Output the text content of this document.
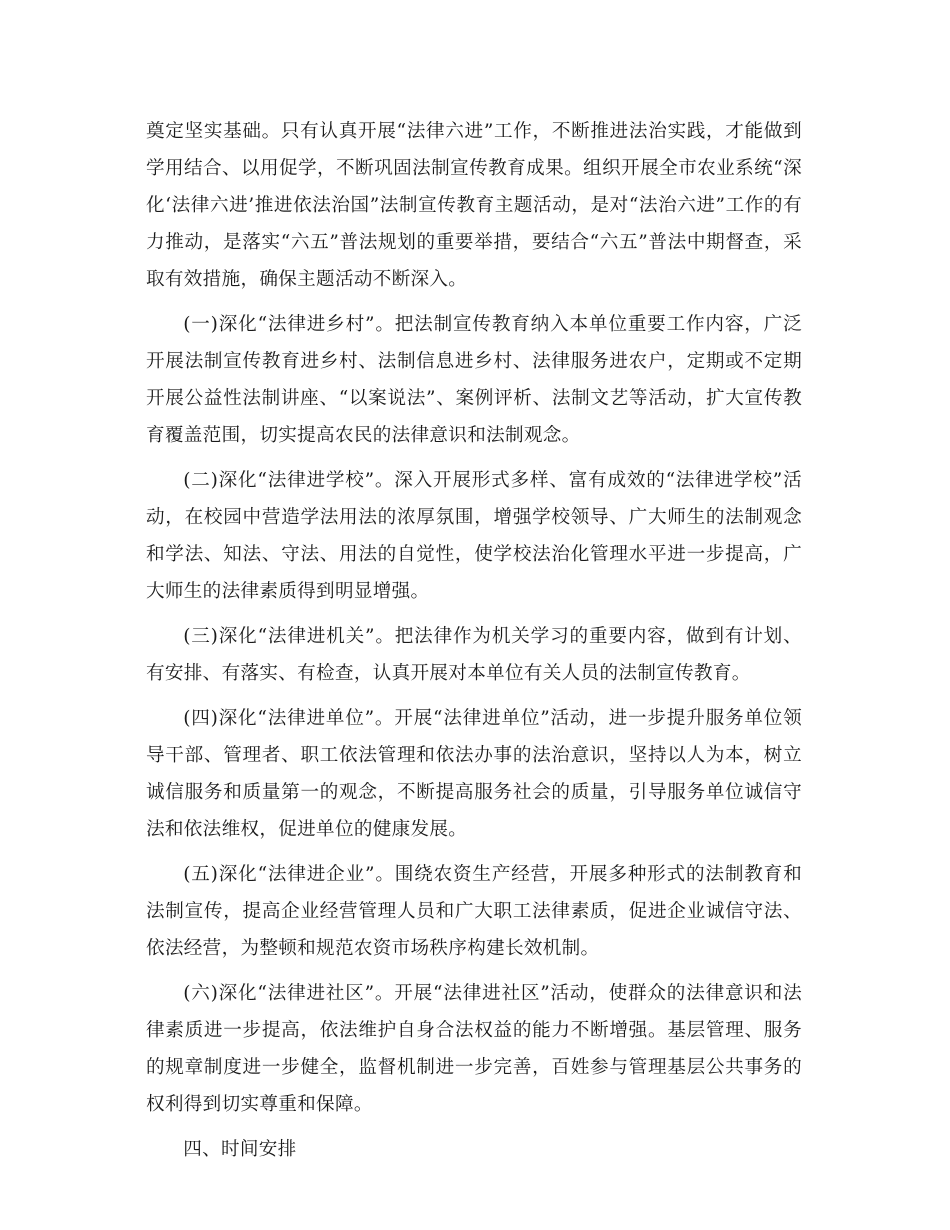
奠定坚实基础。只有认真开展“法律六进”工作，不断推进法治实践，才能做到学用结合、以用促学，不断巩固法制宣传教育成果。组织开展全市农业系统“深化‘法律六进’推进依法治国”法制宣传教育主题活动，是对“法治六进”工作的有力推动，是落实“六五”普法规划的重要举措，要结合“六五”普法中期督查，采取有效措施，确保主题活动不断深入。

(一)深化“法律进乡村”。把法制宣传教育纳入本单位重要工作内容，广泛开展法制宣传教育进乡村、法制信息进乡村、法律服务进农户，定期或不定期开展公益性法制讲座、“以案说法”、案例评析、法制文艺等活动，扩大宣传教育覆盖范围，切实提高农民的法律意识和法制观念。

(二)深化“法律进学校”。深入开展形式多样、富有成效的“法律进学校”活动，在校园中营造学法用法的浓厚氛围，增强学校领导、广大师生的法制观念和学法、知法、守法、用法的自觉性，使学校法治化管理水平进一步提高，广大师生的法律素质得到明显增强。

(三)深化“法律进机关”。把法律作为机关学习的重要内容，做到有计划、有安排、有落实、有检查，认真开展对本单位有关人员的法制宣传教育。

(四)深化“法律进单位”。开展“法律进单位”活动，进一步提升服务单位领导干部、管理者、职工依法管理和依法办事的法治意识，坚持以人为本，树立诚信服务和质量第一的观念，不断提高服务社会的质量，引导服务单位诚信守法和依法维权，促进单位的健康发展。

(五)深化“法律进企业”。围绕农资生产经营，开展多种形式的法制教育和法制宣传，提高企业经营管理人员和广大职工法律素质，促进企业诚信守法、依法经营，为整顿和规范农资市场秩序构建长效机制。

(六)深化“法律进社区”。开展“法律进社区”活动，使群众的法律意识和法律素质进一步提高，依法维护自身合法权益的能力不断增强。基层管理、服务的规章制度进一步健全，监督机制进一步完善，百姓参与管理基层公共事务的权利得到切实尊重和保障。

四、时间安排
